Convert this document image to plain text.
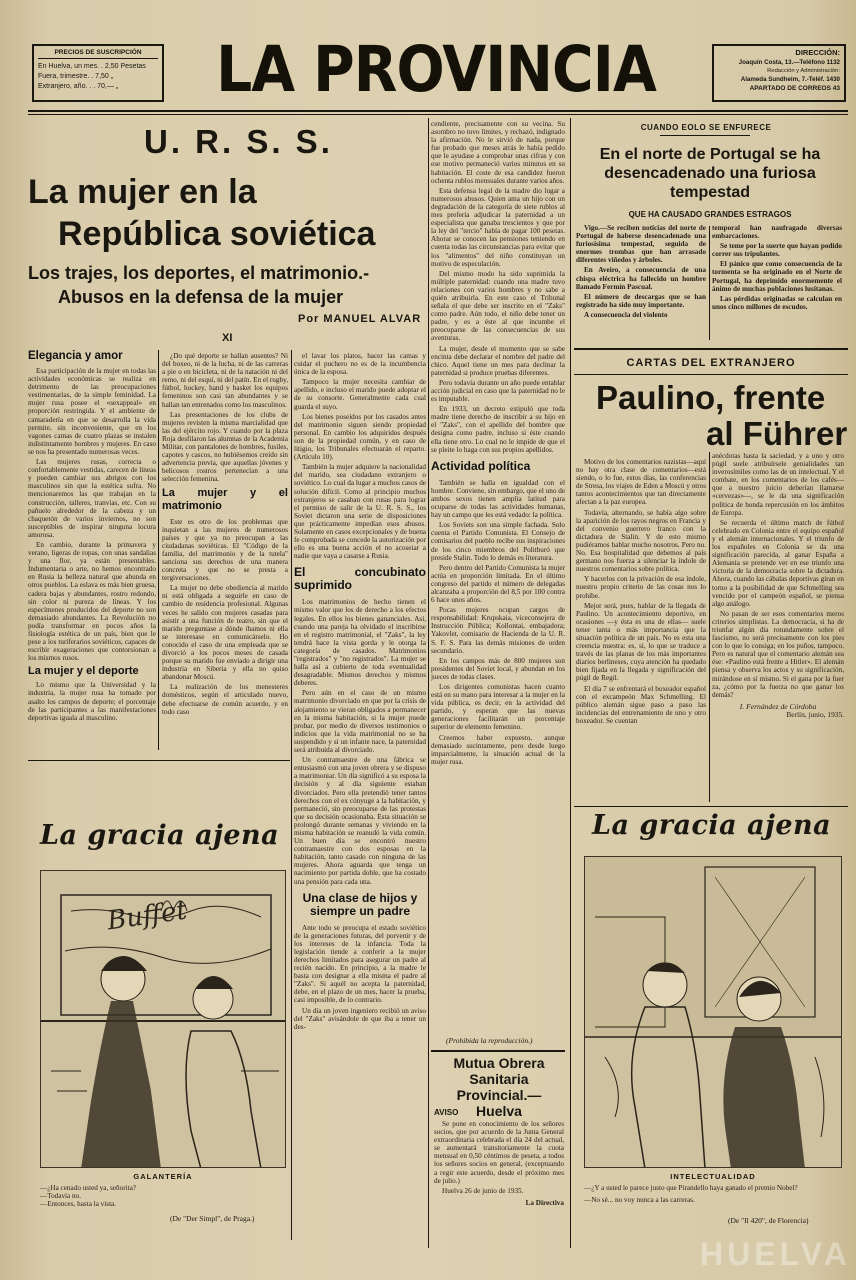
PRECIOS DE SUSCRIPCIÓN
En Huelva, un mes. . 2,50 Pesetas
Fuera, trimestre. . 7,50 „
Extranjero, año. . . 70,— „	LA PROVINCIA	DIRECCIÓN:
Joaquín Costa, 13.—Teléfono 1132
Redacción y Administración:
Alameda Sundheim, 7.-Teléf. 1430
APARTADO DE CORREOS 43
U. R. S. S.
La mujer en la
República soviética
Los trajes, los deportes, el matrimonio.-
Abusos en la defensa de la mujer
Por MANUEL ALVAR
XI
Elegancia y amor

Esa participación de la mujer en todas las actividades económicas se realiza en detrimento de las preocupaciones vestimentarias, de la simple feminidad. La mujer rusa posee el «sexappeal» en proporción restringida. Y el ambiente de camaradería en que se desarrolla la vida permite, sin inconveniente, que en los vagones camas de cuatro plazas se instalen indistintamente hombres y mujeres. En caso se nos ha presentado numerosas veces.

Las mujeres rusas, correcta o confortablemente vestidas, carecen de líneas y pueden cambiar sus abrigos con los masculinos sin que la estética sufra. No mencionaremos las que trabajan en la construcción, talleres, tranvías, etc. Con su pañuelo alrededor de la cabeza y un chaquetón de varios inviernos, no son susceptibles de inspirar ninguna locura amorosa.

En cambio, durante la primavera y verano, ligeras de ropas, con unas sandalias y una flor, ya están presentables. Indumentaria o arte, no hemos encontrado en Rusia la belleza natural que abunda en otros pueblos. La eslava es más bien gruesa, cadera bajas y abundantes, rostro redondo, sin color ni pureza de líneas. Y los especímenes producidos del deporte no son demasiado abundantes. La Revolución no podía transformar en pocos años la fisiología estética de un país, bien que le pese a los turiferarios soviéticos, capaces de escribir exageraciones que contorsionan a los mismos rusos.

La mujer y el deporte

Lo mismo que la Universidad y la industria, la mujer rusa ha tomado por asalto los campos de deporte; el porcentaje de las participantes a las manifestaciones deportivas iguala al masculino.

¿Do qué deporte se hallan ausentes? Ni del boxeo, ni de la lucha, ni de las carreras a pie o en bicicleta, ni de la natación ni del remo, ni del esquí, ni del patín. En el rugby, fútbol, hockey, hand y basket los equipos femeninos son casi tan abundantes y se hallan tan entrenados como los masculinos.

Las presentaciones de los clubs de mujeres revisten la misma marcialidad que las del ejército rojo. Y cuando por la plaza Roja desfilaron las alumnas de la Academia Militar, con pantalones de hombres, fusiles, capotes y cascos, no hubiésemos creído sin advertencia previa, que aquellas jóvenes y belicosos rostros pertenecían a una selección femenina.

La mujer y el matrimonio

Este es otro de los problemas que inquietan a las mujeres de numerosos países y que ya no preocupan a las ciudadanas soviéticas. El "Código de la familia, del matrimonio y de la tutela" sanciona sus derechos de una manera concreta y que no se presta a tergiversaciones.

La mujer no debe obediencia al marido ni está obligada a seguirle en caso de cambio de residencia profesional. Algunas veces he salido con mujeres casadas para asistir a una función de teatro, sin que el marido preguntase a dónde íbamos ni ella se interesase en comunicárselo. Ho conocido el caso de una empleada que se divorció a los pocos meses de casada porque su marido fue enviado a dirigir una industria en Siberia y ella no quiso abandonar Moscú.

La realización de los menesteres domésticos, según el articulado nuevo, debe efectuarse de común acuerdo, y en todo caso

el lavar los platos, hacer las camas y cuidar el puchero no es de la incumbencia única de la esposa.

Tampoco la mujer necesita cambiar de apellido, e incluso el marido puede adoptar el de su consorte. Generalmente cada cual guarda el suyo.

Los bienes poseídos por los casados antes del matrimonio siguen siendo propiedad personal. En cambio los adquiridos después son de la propiedad común, y en caso de litigio, los Tribunales efectuarán el reparto. (Artículo 10).

También la mujer adquiere la nacionalidad del marido, sea ciudadano extranjero o soviético. Lo cual da lugar a muchos casos de solución difícil. Como al principio muchos extranjeros se casaban con rusas para lograr el permiso de salir de la U. R. S. S., los Soviet dictaron una serie de disposiciones que prácticamente impedían esos abusos. Solamente en casos excepcionales y de buena fe comprobada se concede la autorización por ello es una buena acción el no acoseiar a nadie que vaya a casarse a Rusia.

El concubinato suprimido

Los matrimonios de hecho tienen el mismo valor que los de derecho a los efectos legales. En ellos los bienes gananciales. Así, cuando una pareja ha olvidado el inscribirse en el registro matrimonial, el "Zaks", la ley tendrá hace la vista gorda y le otorga la categoría de casados. Matrimonios "registrados" y "no registrados". La mujer se halla así a cubierto de toda eventualidad desagradable. Mismos derechos y mismos deberes.

Pero aún en el caso de un mismo matrimonio divorciado en que por la crisis de alojamiento se vieran obligados a permanecer en la misma habitación, si la mujer puede probar, por medio de diversos testimonios o indicios que la vida matrimonial no se ha suspendido y si un infante nace, la paternidad será atribuída al divorciado.

Un contramaestre de una fábrica se entusiasmó con una joven obrera y se dispuso a matrimoniar. Un día significó a su esposa la decisión y al día siguiente estaban divorciados. Pero ella pretendió tener tantos derechos con el ex cónyuge a la habitación, y permaneció, sin preocuparse de las protestas que su decisión ocasionaba. Esta situación se prolongó durante semanas y viviendo en la misma habitación se reanudó la vida común. Un buen día se encontró nuestro contramaestre con dos esposas en la habitación, tanto casado con ninguna de las mujeres. Ahora aguarda que tenga un nacimiento por partida doble, que ha costado una pensión para cada una.

Una clase de hijos y siempre un padre

Ante todo se preocupa el estado soviético de la generaciones futuras, del porvenir y de los intereses de la infancia. Toda la legislación tiende a conferir a la mujer derechos limitados para asegurar un padre al recién nacido. En principio, a la madre le basta con designar a ella misma el padre al "Zaks". Si aquél no acepta la paternidad, debe, en el plazo de un mes, hacer la prueba, casi imposible, de lo contrario.

Un día un joven ingeniero recibió un aviso del "Zaks" avisándole de que iba a tener un des-

cendiente, precisamente con su vecina. Su asombro no tuvo límites, y rechazó, indignado la afirmación. No le sirvió de nada, porque fue probado que meses atrás le había pedido que le ayudase a comprobar unas cifras y con ese motivo permaneció varios minutos en su habitación. El coste de esa candidez fueron ochenta rublos mensuales durante varios años.

Esta defensa legal de la madre dio lugar a numerosos abusos. Quien ama un hijo con un degradación de la categoría de siete rublos al mes prefería adjudicar la paternidad a un especialista que ganaba trescientos y que por la ley del "tercio" había de pagar 100 pesetas. Ahorar se conocen las pensiones teniendo en cuenta todas las circunstancias para evitar que los "alimentos" del niño constituyan un motivo de especulación.

Del mismo modo ha sido suprimida la múltiple paternidad: cuando una madre tuvo relaciones con varios hombres y no sabe a quién atribuirla. En este caso el Tribunal señala el que debe ser inscrito en el "Zaks" como padre. Aún todo, el niño debe tener un padre, y es a éste al que incumbe el preocuparse de las consecuencias de sus aventuras.

La mujer, desde el momento que se sabe encinta debe declarar el nombre del padre del chico. Aquel tiene un mes para declinar la paternidad si produce pruebas diferentes.

Pero todavía durante un año puede entablar acción judicial en caso que la paternidad no le es imputable.

En 1933, un decreto estipuló que toda madre tiene derecho de inscribir a su hijo en el "Zaks", con el apellido del hombre que designa como padre, incluso si éste cuando ella tiene otro. Lo cual no le impide de que el se pleite lo haga con sus propios apellidos.

Actividad política

También se halla en igualdad con el hombre. Conviene, sin embargo, que el uno de ambos sexos tienen amplia latitud para ocuparse de todas las actividades humanas, hay un campo que les está vedado: la política.

Los Soviets son una simple fachada. Solo cuenta el Partido Comunista. El Consejo de comisarios del pueblo recibe sus inspiraciones de los cinco miembros del Politburó que preside Stalin. Todo lo demás es literatura.

Pero dentro del Partido Comunista la mujer actúa en proporción limitada. En el último congreso del partido el número de delegadas alcanzaba a proporción del 8,5 por 100 contra 6 hace unos años.

Pocas mujeres ocupan cargos de responsabilidad: Krupskaia, viceconsejera de Instrucción Pública; Kollontai, embajadora; Yakovlet, comisario de Hacienda de la U. R. S. F. S. Para las demás misiones de orden secundario.

En los campos más de 800 mujeres son presidentes del Soviet local, y abundan en los jueces de todas clases.

Los dirigentes comunistas hacen cuanto está en su mano para interesar a la mujer en la vida pública, es decir, en la actividad del partido, y esperan que las nuevas generaciones facilitarán un porcentaje superior de elemento femenino.

Creemos haber expuesto, aunque demasiado sucintamente, pero desde luego imparcialmente, la situación actual de la mujer rusa.

(Prohibida la reproducción.)
Mutua Obrera Sanitaria Provincial.—Huelva
AVISO

Se pone en conocimiento de los señores socios, que por acuerdo de la Junta General extraordinaria celebrada el día 24 del actual, se aumentará transitoriamente la cuota mensual en 0,50 céntimos de peseta, a todos los señores socios en general, (exceptuando a regir este acuerdo, desde el próximo mes de julio.)

Huelva 26 de junio de 1935.

La Directiva
CUANDO EOLO SE ENFURECE
En el norte de Portugal se ha desencadenado una furiosa tempestad
QUE HA CAUSADO GRANDES ESTRAGOS

Vigo.—Se reciben noticias del norte de Portugal de haberse desencadenado una furiosísima tempestad, seguida de enormes trombas que han arrasado diferentes viñedos y árboles.

En Aveiro, a consecuencia de una chispa eléctrica ha fallecido un hombre llamado Fermín Pascual.

El número de descargas que se han registrado ha sido muy importante.

A consecuencia del violento

temporal han naufragado diversas embarcaciones.

Se teme por la suerte que hayan podido correr sus tripulantes.

El pánico que como consecuencia de la tormenta se ha originado en el Norte de Portugal, ha deprimido enormemente el ánimo de muchas poblaciones lusitanas.

Las pérdidas originadas se calculan en unos cinco millones de escudos.

CARTAS DEL EXTRANJERO
Paulino, frente
al Führer

Motivo de los comentarios nazistas—aquí no hay otra clase de comentarios—está siendo, o lo fue, estos días, las conferencias de Stresa, los viajes de Eden a Moscú y otros tantos acontecimientos que tan directamente afectan a la paz europea.

Todavía, alternando, se había algo sobre la aparición de los rayos negros en Francia y del convenio guerrero franco con la dictadura de Stalin. Y de esto mismo pudiéramos hablar mucho nosotros. Pero no. No. Esa hospitalidad que debemos al país germano nos fuerza a silenciar la índole de nuestros comentarios sobre política.

Y hacerlos con la privación de esa índole, nuestro propio criterio de las cosas nos lo prohíbe.

Mejor será, pues, hablar de la llegada de Paulino. Un acontecimiento deportivo, en ocasiones —y ésta es una de ellas— suele tener tanta o más importancia que la situación política de un país. No es esta una creencia nuestra: es, si, lo que se traduce a través de las planas de los más importantes diarios berlineses, cuya atención ha quedado bien fijada en la llegada y significación del púgil de Regil.

El día 7 se enfrentará el boxeador español con el excampeón Max Schmelling. El público alemán sigue paso a paso las incidencias del entrenamiento de uno y otro boxeador. Se cuentan

anécdotas hasta la saciedad, y a uno y otro púgil suele atribuírsele genialidades tan inverosímiles como las de un intelectual. Y el combate, en los comentarios de los cafés—que a nuestro juicio deberían llamarse «cervezas»—, se le da una significación política de honda repercusión en los ámbitos de Europa.

Se recuerda el último match de fútbol celebrado en Colonia entre el equipo español y el alemán internacionales. Y el triunfo de los españoles en Colonia se da una significación parecida, al ganar España a Alemania se pretende ver en ese triunfo una victoria de la democracia sobre la dictadura. Ahora, cuando las cábalas deportivas giran en torno a la posibilidad de que Schmelling sea vencido por el campeón español, se piensa algo análogo.

No pasan de ser esos comentarios meros criterios simplistas. La democracia, si ha de triunfar algún día rotundamente sobre el fascismo, no será precisamente con los pies con lo que lo consiga; en los puños, tampoco. Pero es natural que el comentario alemán sea ése: «Paulino está frente a Hitler». El alemán piensa y observa los actos y su significación, mirándose en sí mismo. Si el gana por la fuer za, ¿cómo por la fuerza no que ganar los demás?

I. Fernández de Córdoba
Berlín, junio, 1935.
La gracia ajena
Buffet
GALANTERÍA
—¿Ha cenado usted ya, señorita?
—Todavía no.
—Entonces, hasta la vista.
(De "Der Simpl", de Praga.)
La gracia ajena
INTELECTUALIDAD
—¿Y a usted le parece justo que Pirandello haya ganado el premio Nobel?
—No sé... no voy nunca a las carreras.
(De "Il 420", de Florencia)
HUELVA
